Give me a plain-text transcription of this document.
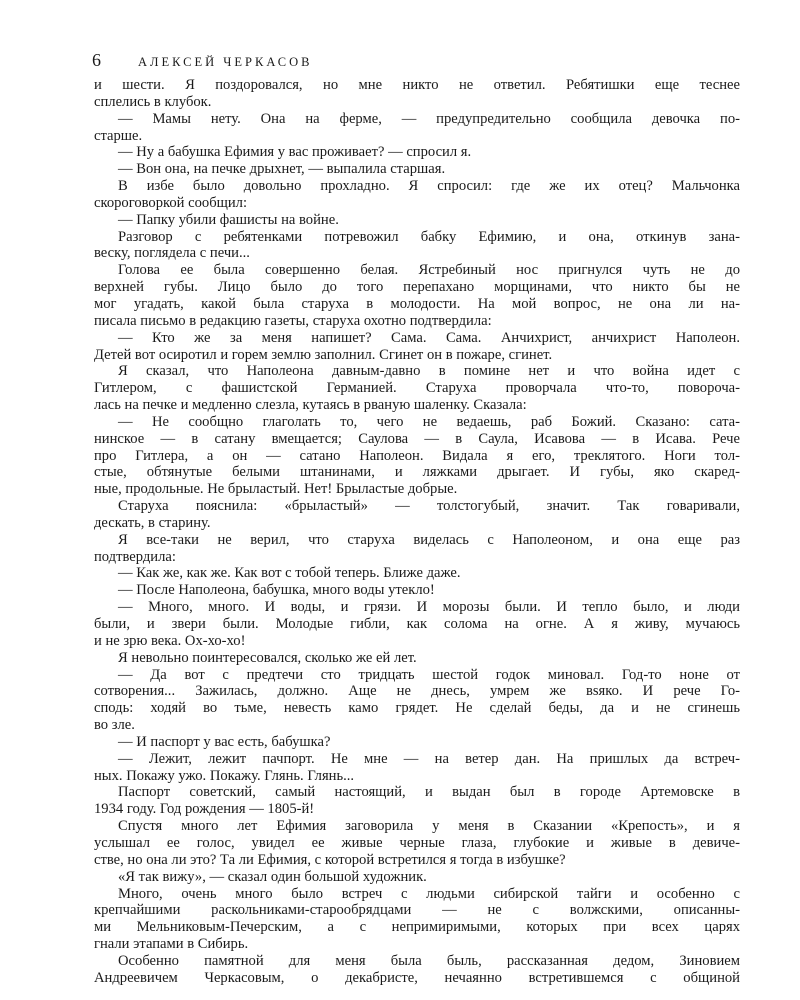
6	АЛЕКСЕЙ ЧЕРКАСОВ
и шести. Я поздоровался, но мне никто не ответил. Ребятишки еще теснее
сплелись в клубок.
— Мамы нету. Она на ферме, — предупредительно сообщила девочка по-
старше.
— Ну а бабушка Ефимия у вас проживает? — спросил я.
— Вон она, на печке дрыхнет, — выпалила старшая.
В избе было довольно прохладно. Я спросил: где же их отец? Мальчонка
скороговоркой сообщил:
— Папку убили фашисты на войне.
Разговор с ребятенками потревожил бабку Ефимию, и она, откинув зана-
веску, поглядела с печи...
Голова ее была совершенно белая. Ястребиный нос пригнулся чуть не до
верхней губы. Лицо было до того перепахано морщинами, что никто бы не
мог угадать, какой была старуха в молодости. На мой вопрос, не она ли на-
писала письмо в редакцию газеты, старуха охотно подтвердила:
— Кто же за меня напишет? Сама. Сама. Анчихрист, анчихрист Наполеон.
Детей вот осиротил и горем землю заполнил. Сгинет он в пожаре, сгинет.
Я сказал, что Наполеона давным-давно в помине нет и что война идет с
Гитлером, с фашистской Германией. Старуха проворчала что-то, поворочa-
лась на печке и медленно слезла, кутаясь в рваную шаленку. Сказала:
— Не сообщно глаголать то, чего не ведаешь, раб Божий. Сказано: сата-
нинское — в сатану вмещается; Саулова — в Саула, Исавова — в Исава. Рече
про Гитлера, а он — сатано Наполеон. Видала я его, треклятого. Ноги тол-
стые, обтянутые белыми штанинами, и ляжками дрыгает. И губы, яко скаред-
ные, продольные. Не брыластый. Нет! Брыластые добрые.
Старуха пояснила: «брыластый» — толстогубый, значит. Так говаривали,
дескать, в старину.
Я все-таки не верил, что старуха виделась с Наполеоном, и она еще раз
подтвердила:
— Как же, как же. Как вот с тобой теперь. Ближе даже.
— После Наполеона, бабушка, много воды утекло!
— Много, много. И воды, и грязи. И морозы были. И тепло было, и люди
были, и звери были. Молодые гибли, как солома на огне. А я живу, мучаюсь
и не зрю века. Ох-хо-хо!
Я невольно поинтересовался, сколько же ей лет.
— Да вот с предтечи сто тридцать шестой годок миновал. Год-то ноне от
сотворения... Зажилась, должно. Аще не днесь, умрем же вsяко. И рече Го-
сподь: ходяй во тьме, невесть камо грядет. Не сделай беды, да и не сгинешь
во зле.
— И паспорт у вас есть, бабушка?
— Лежит, лежит пачпорт. Не мне — на ветер дан. На пришлых да встреч-
ных. Покажу ужо. Покажу. Глянь. Глянь...
Паспорт советский, самый настоящий, и выдан был в городе Артемовске в
1934 году. Год рождения — 1805-й!
Спустя много лет Ефимия заговорила у меня в Сказании «Крепость», и я
услышал ее голос, увидел ее живые черные глаза, глубокие и живые в девиче-
стве, но она ли это? Та ли Ефимия, с которой встретился я тогда в избушке?
«Я так вижу», — сказал один большой художник.
Много, очень много было встреч с людьми сибирской тайги и особенно с
крепчайшими раскольниками-старообрядцами — не с волжскими, описанны-
ми Мельниковым-Печерским, а с непримиримыми, которых при всех царях
гнали этапами в Сибирь.
Особенно памятной для меня была быль, рассказанная дедом, Зиновием
Андреевичем Черкасовым, о декабристе, нечаянно встретившемся с общиной
